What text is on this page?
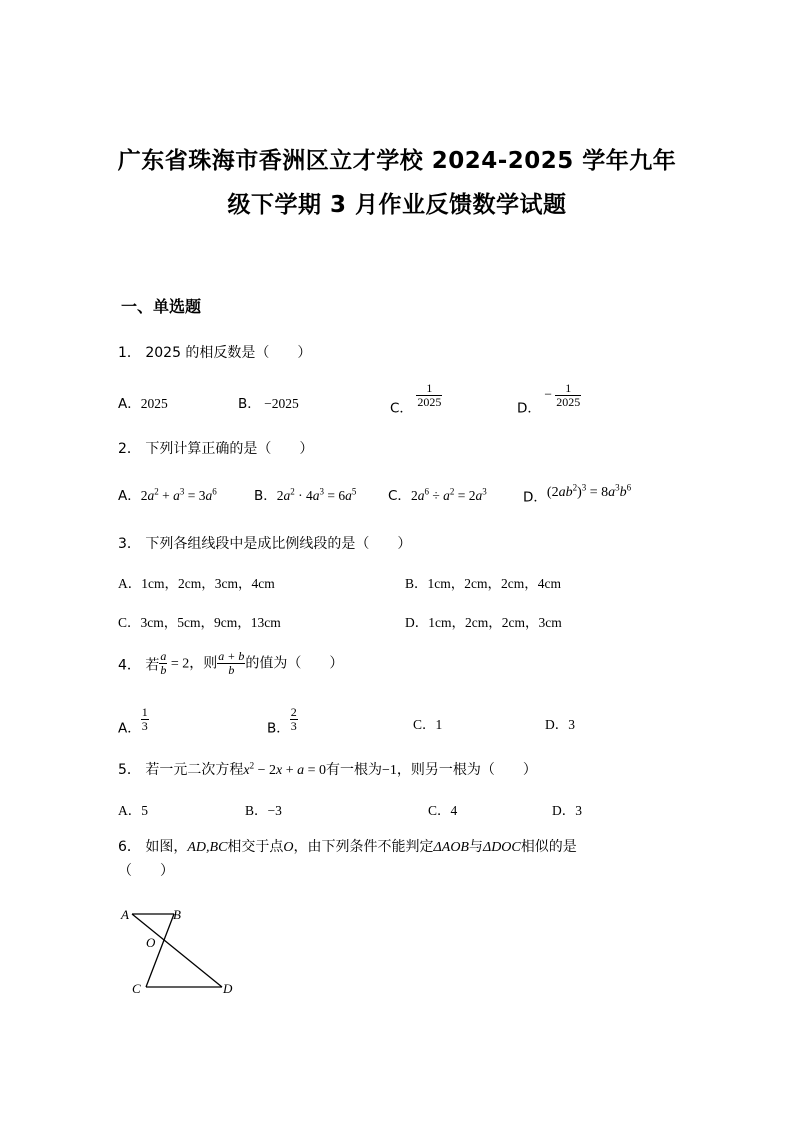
广东省珠海市香洲区立才学校 2024-2025 学年九年
级下学期 3 月作业反馈数学试题
一、单选题
1． 2025 的相反数是（　　）
A．2025	B． −2025	C． $\frac{1}{2025}$	D． − $\frac{1}{2025}$
2． 下列计算正确的是（　　）
A．$2a^2 + a^3 = 3a^6$	B．$2a^2 \cdot 4a^3 = 6a^5$ C．$2a^6 \div a^2 = 2a^3$	D．$(2ab^2)^3 = 8a^3b^6$
3． 下列各组线段中是成比例线段的是（　　）
A．1cm，2cm，3cm，4cm	B．1cm，2cm，2cm，4cm
C．3cm，5cm，9cm，13cm	D．1cm，2cm，2cm，3cm
4． 若 $\frac{a}{b} = 2$，则 $\frac{a + b}{b}$ 的值为（　　）
A． $\frac{1}{3}$	B． $\frac{2}{3}$	C．1	D．3
5． 若一元二次方程$x^2 - 2x + a = 0$有一根为−1，则另一根为（　　）
A．5	B．−3	C．4	D．3
6． 如图，AD,BC相交于点O，由下列条件不能判定ΔAOB与ΔDOC相似的是
（　　）
A	B
O
C	D
